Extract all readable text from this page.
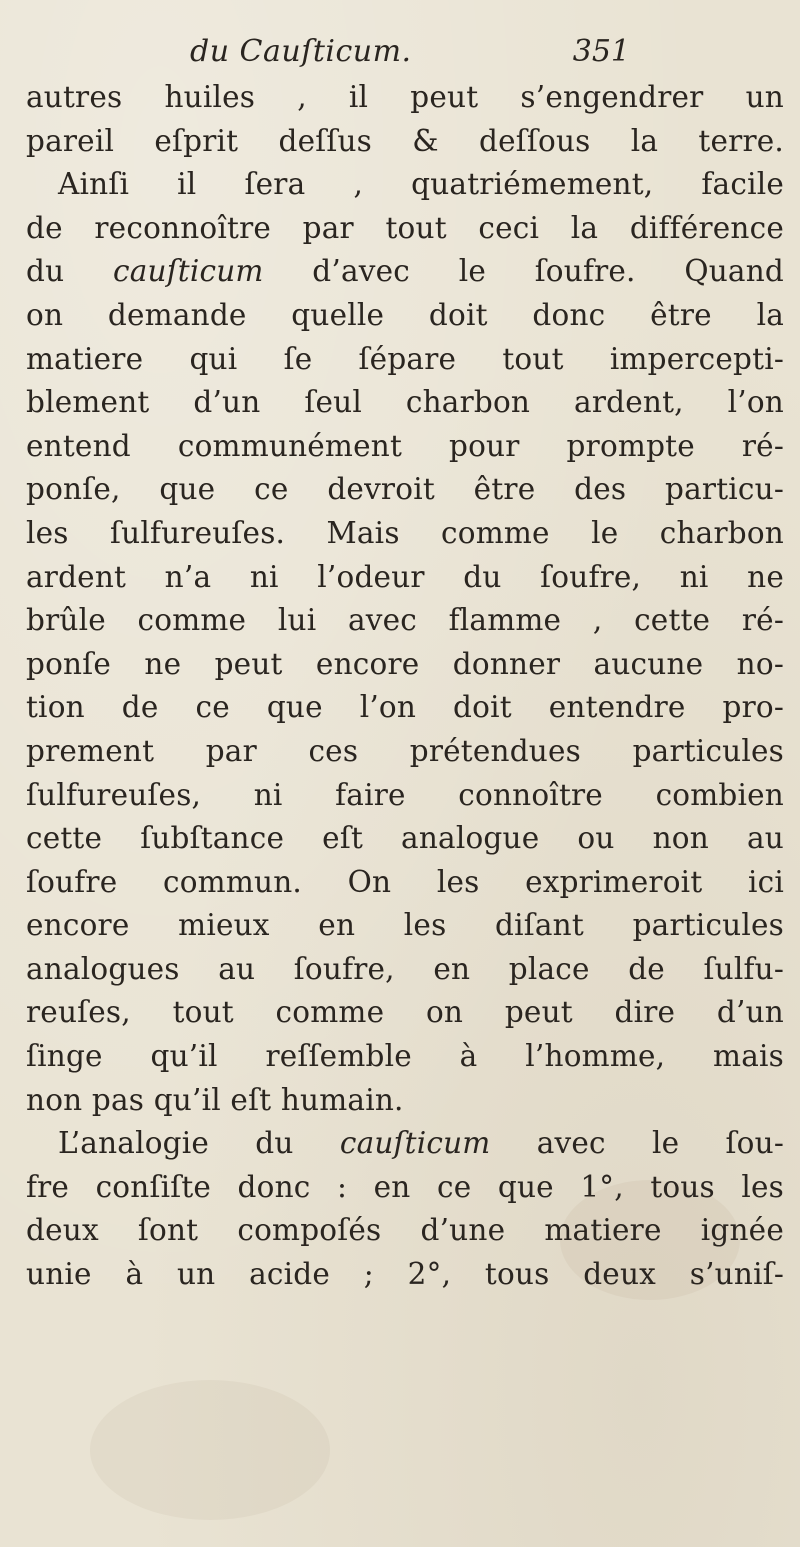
du Cauſticum.	351
autres huiles , il peut s’engendrer un
pareil eſprit deſſus & deſſous la terre.
Ainſi il ſera , quatriémement, facile
de reconnoître par tout ceci la différence
du cauſticum d’avec le ſoufre. Quand
on demande quelle doit donc être la
matiere qui ſe ſépare tout impercepti-
blement d’un ſeul charbon ardent, l’on
entend communément pour prompte ré-
ponſe, que ce devroit être des particu-
les ſulfureuſes. Mais comme le charbon
ardent n’a ni l’odeur du ſoufre, ni ne
brûle comme lui avec flamme , cette ré-
ponſe ne peut encore donner aucune no-
tion de ce que l’on doit entendre pro-
prement par ces prétendues particules
ſulfureuſes, ni faire connoître combien
cette ſubſtance eſt analogue ou non au
ſoufre commun. On les exprimeroit ici
encore mieux en les diſant particules
analogues au ſoufre, en place de ſulfu-
reuſes, tout comme on peut dire d’un
ſinge qu’il reſſemble à l’homme, mais
non pas qu’il eſt humain.
L’analogie du cauſticum avec le ſou-
fre conſiſte donc : en ce que 1°, tous les
deux ſont compoſés d’une matiere ignée
unie à un acide ; 2°, tous deux s’uniſ-
